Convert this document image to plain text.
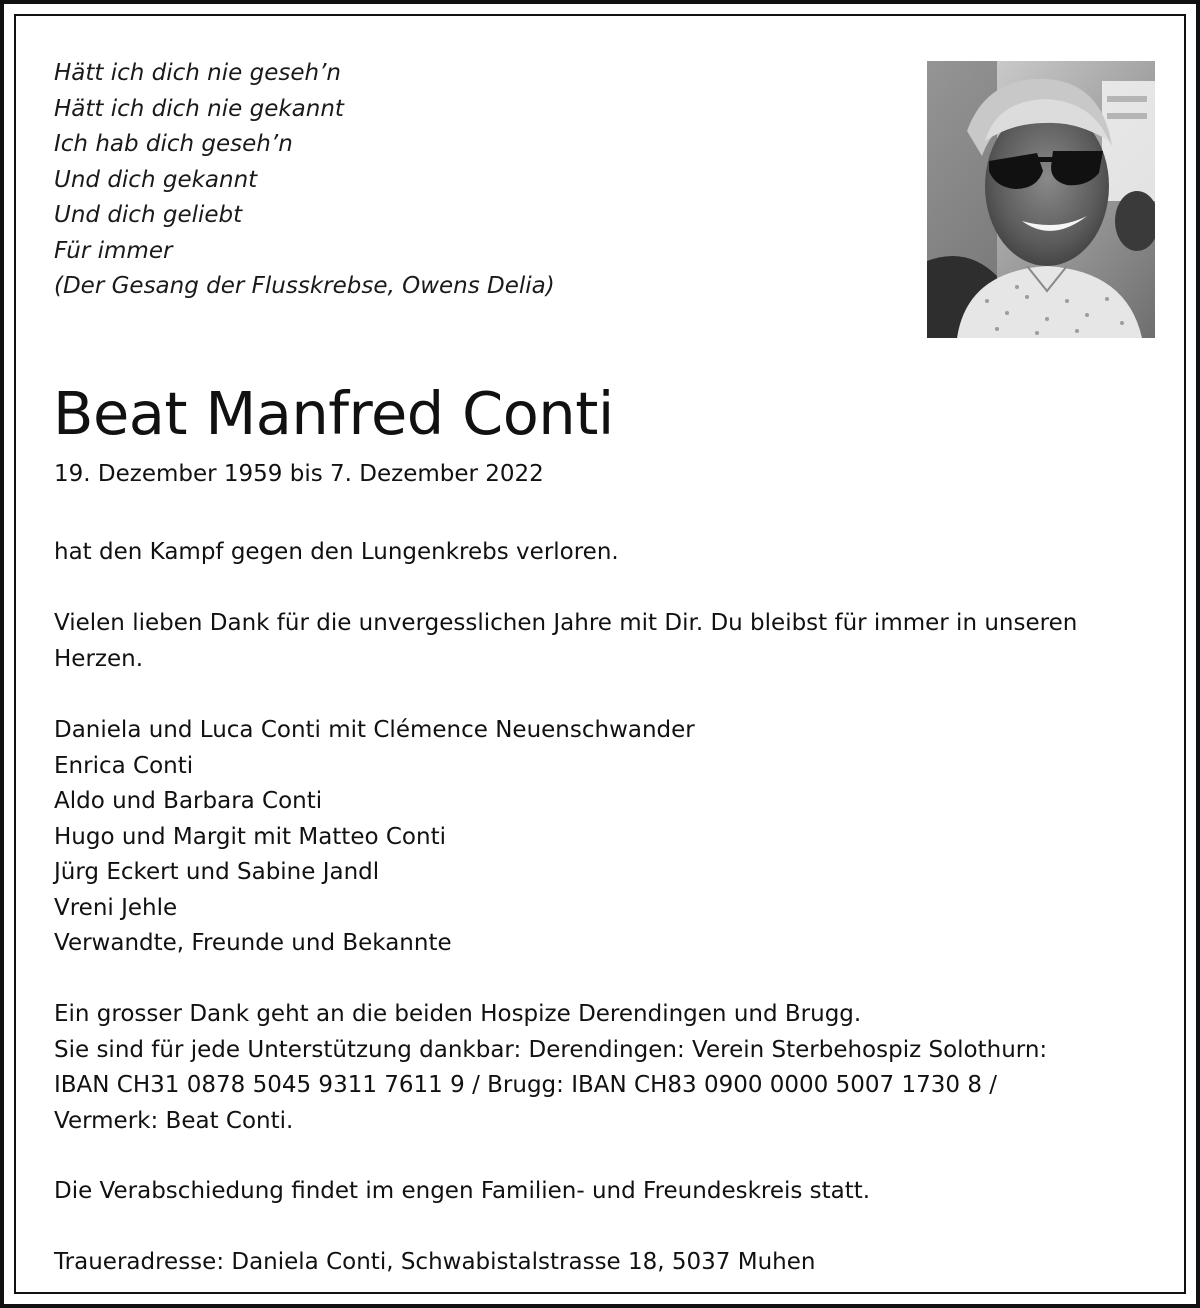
Hätt ich dich nie geseh’n
Hätt ich dich nie gekannt
Ich hab dich geseh’n
Und dich gekannt
Und dich geliebt
Für immer
(Der Gesang der Flusskrebse, Owens Delia)
Beat Manfred Conti
19. Dezember 1959 bis 7. Dezember 2022
hat den Kampf gegen den Lungenkrebs verloren.
Vielen lieben Dank für die unvergesslichen Jahre mit Dir. Du bleibst für immer in unseren
Herzen.
Daniela und Luca Conti mit Clémence Neuenschwander
Enrica Conti
Aldo und Barbara Conti
Hugo und Margit mit Matteo Conti
Jürg Eckert und Sabine Jandl
Vreni Jehle
Verwandte, Freunde und Bekannte
Ein grosser Dank geht an die beiden Hospize Derendingen und Brugg.
Sie sind für jede Unterstützung dankbar: Derendingen: Verein Sterbehospiz Solothurn:
IBAN CH31 0878 5045 9311 7611 9 / Brugg: IBAN CH83 0900 0000 5007 1730 8 /
Vermerk: Beat Conti.
Die Verabschiedung findet im engen Familien- und Freundeskreis statt.
Traueradresse: Daniela Conti, Schwabistalstrasse 18, 5037 Muhen
